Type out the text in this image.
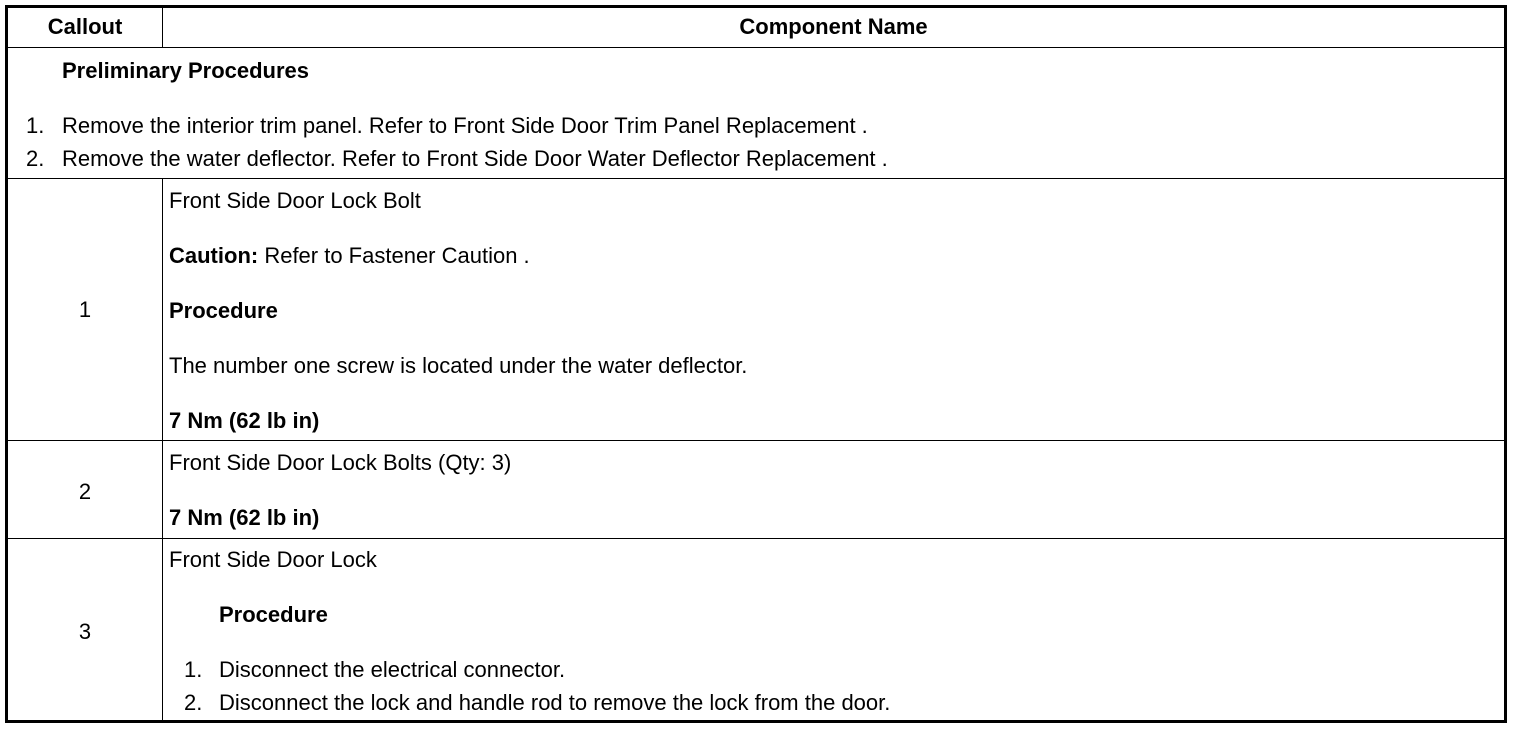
Callout	Component Name
Preliminary Procedures
1. Remove the interior trim panel. Refer to Front Side Door Trim Panel Replacement .
2. Remove the water deflector. Refer to Front Side Door Water Deflector Replacement .
1
Front Side Door Lock Bolt
Caution: Refer to Fastener Caution .
Procedure
The number one screw is located under the water deflector.
7 Nm (62 lb in)
2
Front Side Door Lock Bolts (Qty: 3)
7 Nm (62 lb in)
3
Front Side Door Lock
Procedure
1. Disconnect the electrical connector.
2. Disconnect the lock and handle rod to remove the lock from the door.
